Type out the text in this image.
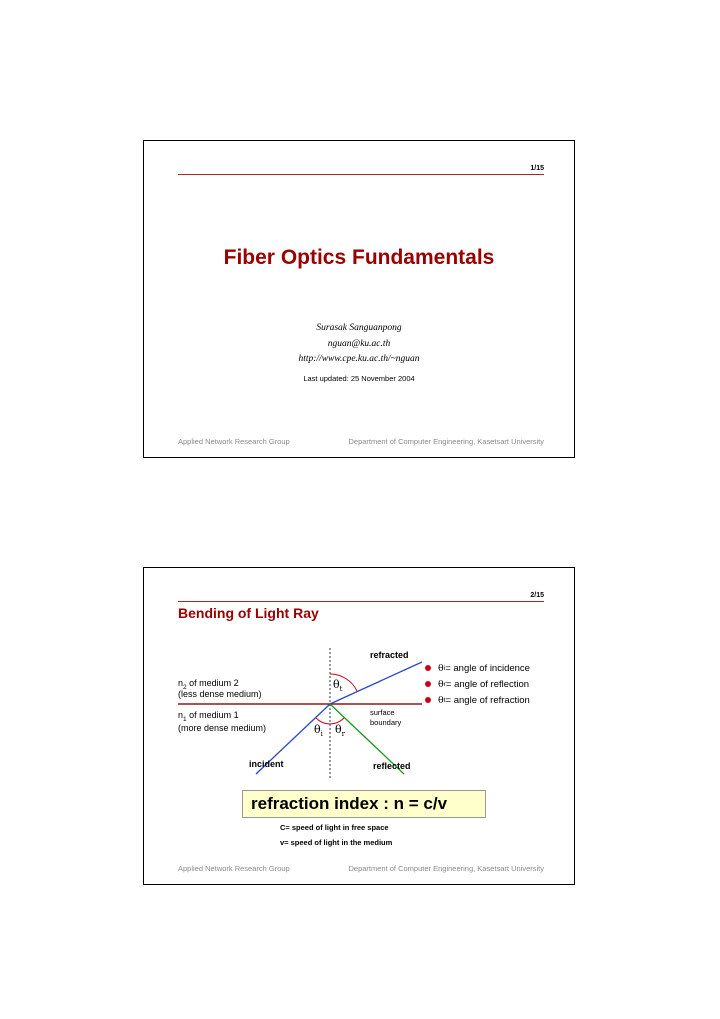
1/15
Fiber Optics Fundamentals
Surasak Sanguanpong
nguan@ku.ac.th
http://www.cpe.ku.ac.th/~nguan
Last updated: 25 November 2004
Applied Network Research Group	Department of Computer Engineering, Kasetsart University
2/15
Bending of Light Ray
refracted
$n_2$ of medium 2
(less dense medium)
$\theta_t$
$n_1$ of medium 1
(more dense medium)
surface
boundary
$\theta_i$ $\theta_r$
incident	reflected
θ i = angle of incidence
θ r = angle of reflection
θ t = angle of refraction
refraction index : n = c/v
C= speed of light in free space
v= speed of light in the medium
Applied Network Research Group	Department of Computer Engineering, Kasetsart University
